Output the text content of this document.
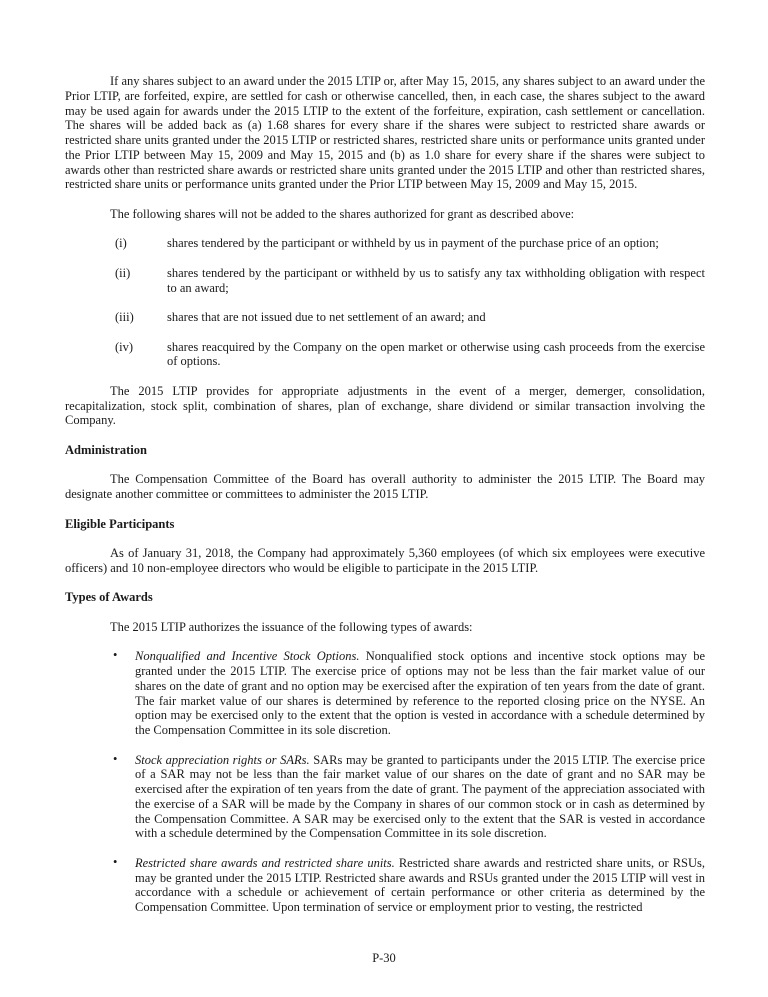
If any shares subject to an award under the 2015 LTIP or, after May 15, 2015, any shares subject to an award under the Prior LTIP, are forfeited, expire, are settled for cash or otherwise cancelled, then, in each case, the shares subject to the award may be used again for awards under the 2015 LTIP to the extent of the forfeiture, expiration, cash settlement or cancellation. The shares will be added back as (a) 1.68 shares for every share if the shares were subject to restricted share awards or restricted share units granted under the 2015 LTIP or restricted shares, restricted share units or performance units granted under the Prior LTIP between May 15, 2009 and May 15, 2015 and (b) as 1.0 share for every share if the shares were subject to awards other than restricted share awards or restricted share units granted under the 2015 LTIP and other than restricted shares, restricted share units or performance units granted under the Prior LTIP between May 15, 2009 and May 15, 2015.

The following shares will not be added to the shares authorized for grant as described above:

(i)	shares tendered by the participant or withheld by us in payment of the purchase price of an option;
(ii)	shares tendered by the participant or withheld by us to satisfy any tax withholding obligation with respect to an award;
(iii)	shares that are not issued due to net settlement of an award; and
(iv)	shares reacquired by the Company on the open market or otherwise using cash proceeds from the exercise of options.

The 2015 LTIP provides for appropriate adjustments in the event of a merger, demerger, consolidation, recapitalization, stock split, combination of shares, plan of exchange, share dividend or similar transaction involving the Company.

Administration

The Compensation Committee of the Board has overall authority to administer the 2015 LTIP. The Board may designate another committee or committees to administer the 2015 LTIP.

Eligible Participants

As of January 31, 2018, the Company had approximately 5,360 employees (of which six employees were executive officers) and 10 non-employee directors who would be eligible to participate in the 2015 LTIP.

Types of Awards

The 2015 LTIP authorizes the issuance of the following types of awards:

• Nonqualified and Incentive Stock Options. Nonqualified stock options and incentive stock options may be granted under the 2015 LTIP. The exercise price of options may not be less than the fair market value of our shares on the date of grant and no option may be exercised after the expiration of ten years from the date of grant. The fair market value of our shares is determined by reference to the reported closing price on the NYSE. An option may be exercised only to the extent that the option is vested in accordance with a schedule determined by the Compensation Committee in its sole discretion.
• Stock appreciation rights or SARs. SARs may be granted to participants under the 2015 LTIP. The exercise price of a SAR may not be less than the fair market value of our shares on the date of grant and no SAR may be exercised after the expiration of ten years from the date of grant. The payment of the appreciation associated with the exercise of a SAR will be made by the Company in shares of our common stock or in cash as determined by the Compensation Committee. A SAR may be exercised only to the extent that the SAR is vested in accordance with a schedule determined by the Compensation Committee in its sole discretion.
• Restricted share awards and restricted share units. Restricted share awards and restricted share units, or RSUs, may be granted under the 2015 LTIP. Restricted share awards and RSUs granted under the 2015 LTIP will vest in accordance with a schedule or achievement of certain performance or other criteria as determined by the Compensation Committee. Upon termination of service or employment prior to vesting, the restricted
P-30
